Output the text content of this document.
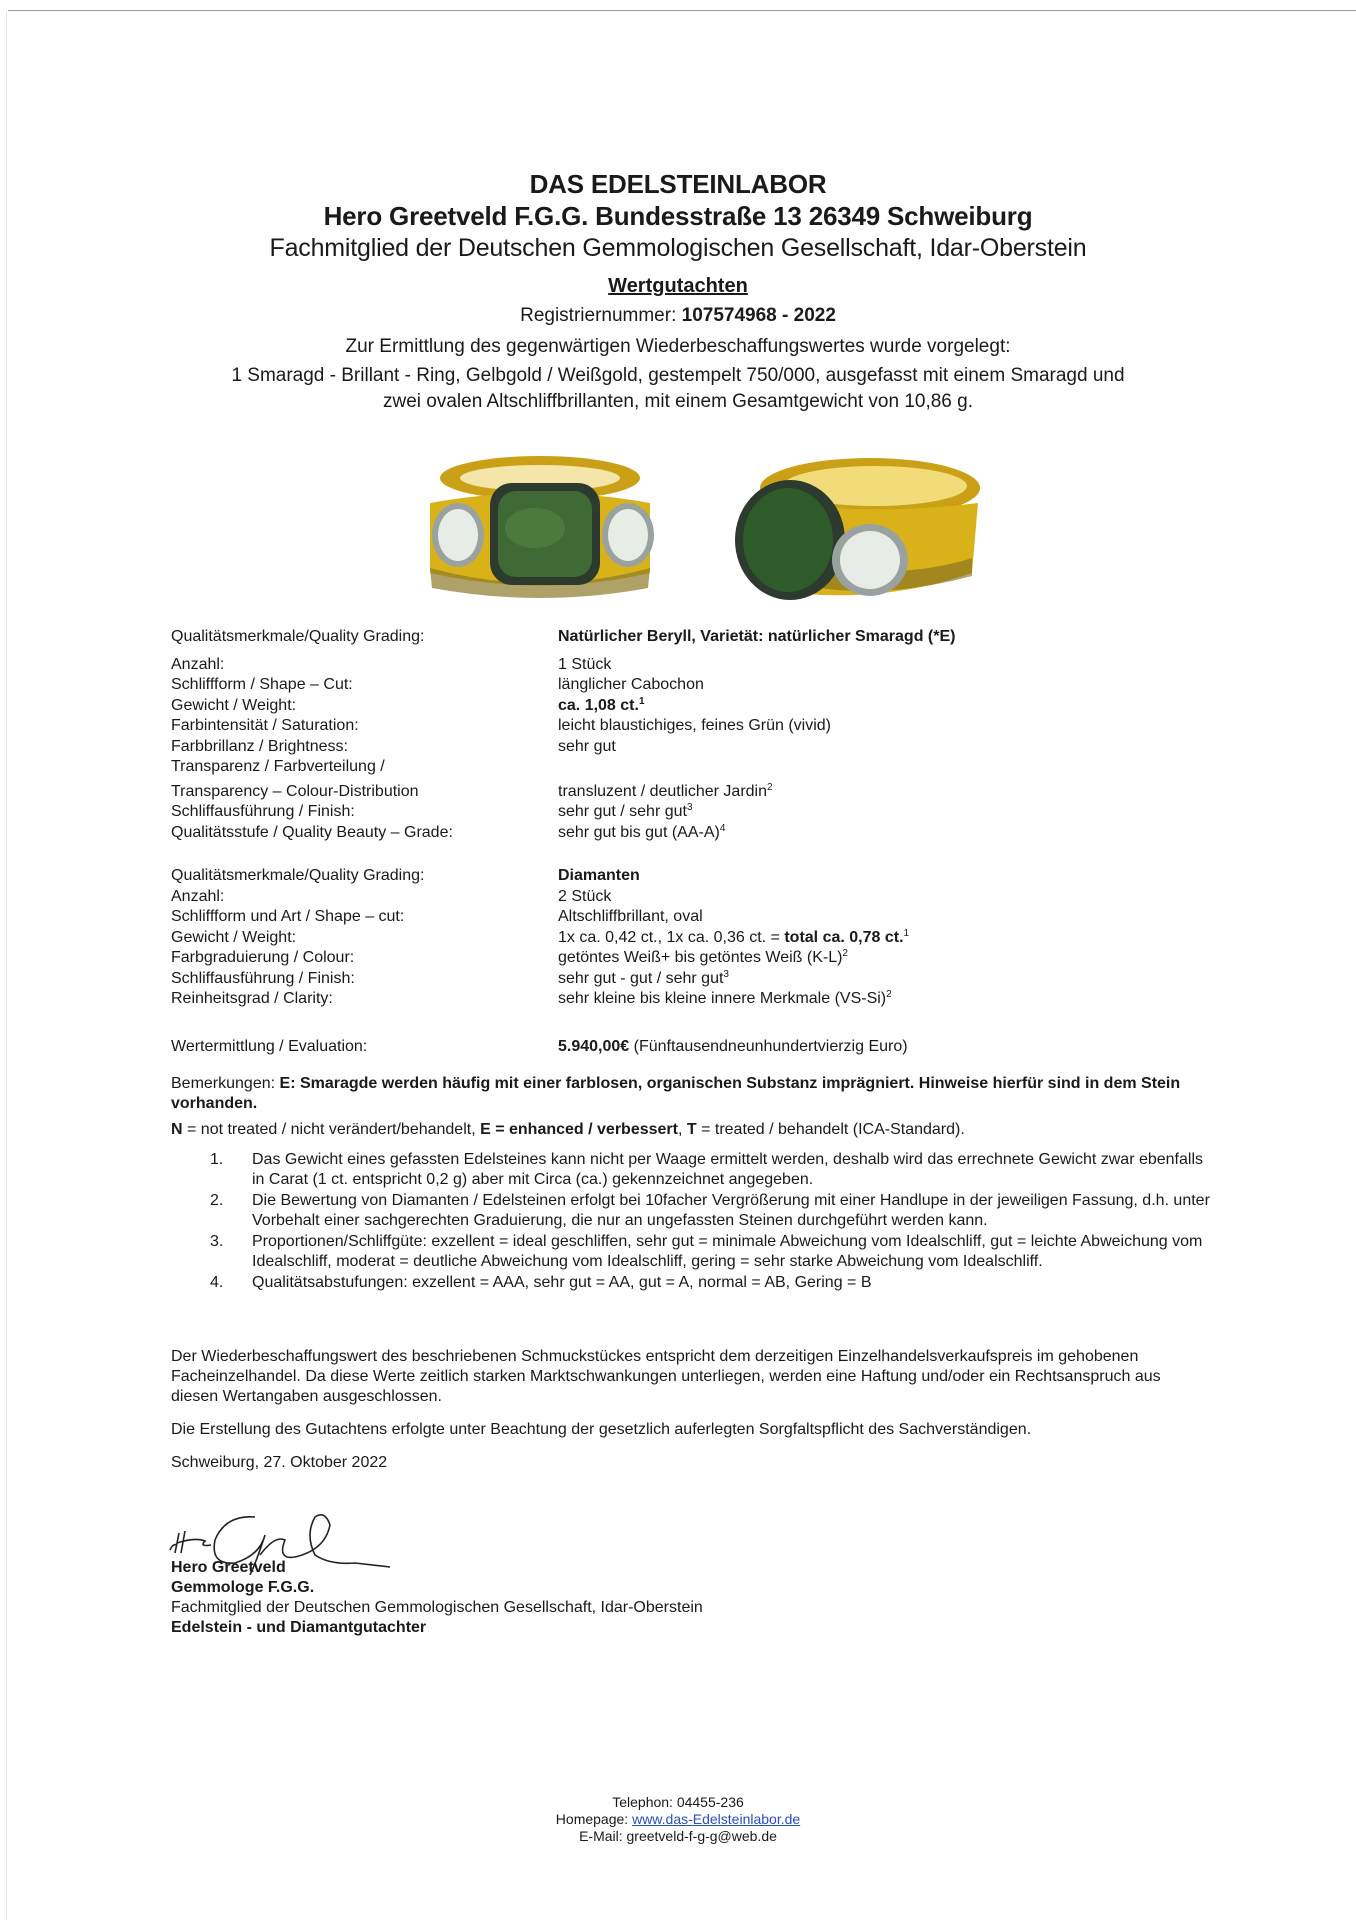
DAS EDELSTEINLABOR
Hero Greetveld F.G.G. Bundesstraße 13 26349 Schweiburg
Fachmitglied der Deutschen Gemmologischen Gesellschaft, Idar-Oberstein
Wertgutachten
Registriernummer: 107574968 - 2022
Zur Ermittlung des gegenwärtigen Wiederbeschaffungswertes wurde vorgelegt:
1 Smaragd - Brillant - Ring, Gelbgold / Weißgold, gestempelt 750/000, ausgefasst mit einem Smaragd und
zwei ovalen Altschliffbrillanten, mit einem Gesamtgewicht von 10,86 g.
Qualitätsmerkmale/Quality Grading:	Natürlicher Beryll, Varietät: natürlicher Smaragd (*E)
Anzahl:	1 Stück
Schliffform / Shape – Cut:	länglicher Cabochon
Gewicht / Weight:	ca. 1,08 ct.$^1$
Farbintensität / Saturation:	leicht blaustichiges, feines Grün (vivid)
Farbbrillanz / Brightness:	sehr gut
Transparenz / Farbverteilung /
Transparency – Colour-Distribution	transluzent / deutlicher Jardin$^2$
Schliffausführung / Finish:	sehr gut / sehr gut$^3$
Qualitätsstufe / Quality Beauty – Grade:	sehr gut bis gut $(AA-A)^4$
Qualitätsmerkmale/Quality Grading:	Diamanten
Anzahl:	2 Stück
Schliffform und Art / Shape – cut:	Altschliffbrillant, oval
Gewicht / Weight:	1x ca. 0,42 ct., 1x ca. 0,36 ct. = total ca. 0,78 ct.$^1$
Farbgraduierung / Colour:	getöntes Weiß+ bis getöntes Weiß $(K-L)^2$
Schliffausführung / Finish:	sehr gut - gut / sehr gut$^3$
Reinheitsgrad / Clarity:	sehr kleine bis kleine innere Merkmale $(VS-Si)^2$
Wertermittlung / Evaluation:	5.940,00€ (Fünftausendneunhundertvierzig Euro)
Bemerkungen: E: Smaragde werden häufig mit einer farblosen, organischen Substanz imprägniert. Hinweise hierfür sind in dem Stein vorhanden.
N = not treated / nicht verändert/behandelt, E = enhanced / verbessert, T = treated / behandelt (ICA-Standard).
1.	Das Gewicht eines gefassten Edelsteines kann nicht per Waage ermittelt werden, deshalb wird das errechnete Gewicht zwar ebenfalls in Carat (1 ct. entspricht 0,2 g) aber mit Circa (ca.) gekennzeichnet angegeben.
2.	Die Bewertung von Diamanten / Edelsteinen erfolgt bei 10facher Vergrößerung mit einer Handlupe in der jeweiligen Fassung, d.h. unter Vorbehalt einer sachgerechten Graduierung, die nur an ungefassten Steinen durchgeführt werden kann.
3.	Proportionen/Schliffgüte: exzellent = ideal geschliffen, sehr gut = minimale Abweichung vom Idealschliff, gut = leichte Abweichung vom Idealschliff, moderat = deutliche Abweichung vom Idealschliff, gering = sehr starke Abweichung vom Idealschliff.
4.	Qualitätsabstufungen: exzellent = AAA, sehr gut = AA, gut = A, normal = AB, Gering = B
Der Wiederbeschaffungswert des beschriebenen Schmuckstückes entspricht dem derzeitigen Einzelhandelsverkaufspreis im gehobenen Facheinzelhandel. Da diese Werte zeitlich starken Marktschwankungen unterliegen, werden eine Haftung und/oder ein Rechtsanspruch aus diesen Wertangaben ausgeschlossen.
Die Erstellung des Gutachtens erfolgte unter Beachtung der gesetzlich auferlegten Sorgfaltspflicht des Sachverständigen.
Schweiburg, 27. Oktober 2022
Hero Greetveld
Gemmologe F.G.G.
Fachmitglied der Deutschen Gemmologischen Gesellschaft, Idar-Oberstein
Edelstein - und Diamantgutachter
Telephon: 04455-236
Homepage: www.das-Edelsteinlabor.de
E-Mail: greetveld-f-g-g@web.de
